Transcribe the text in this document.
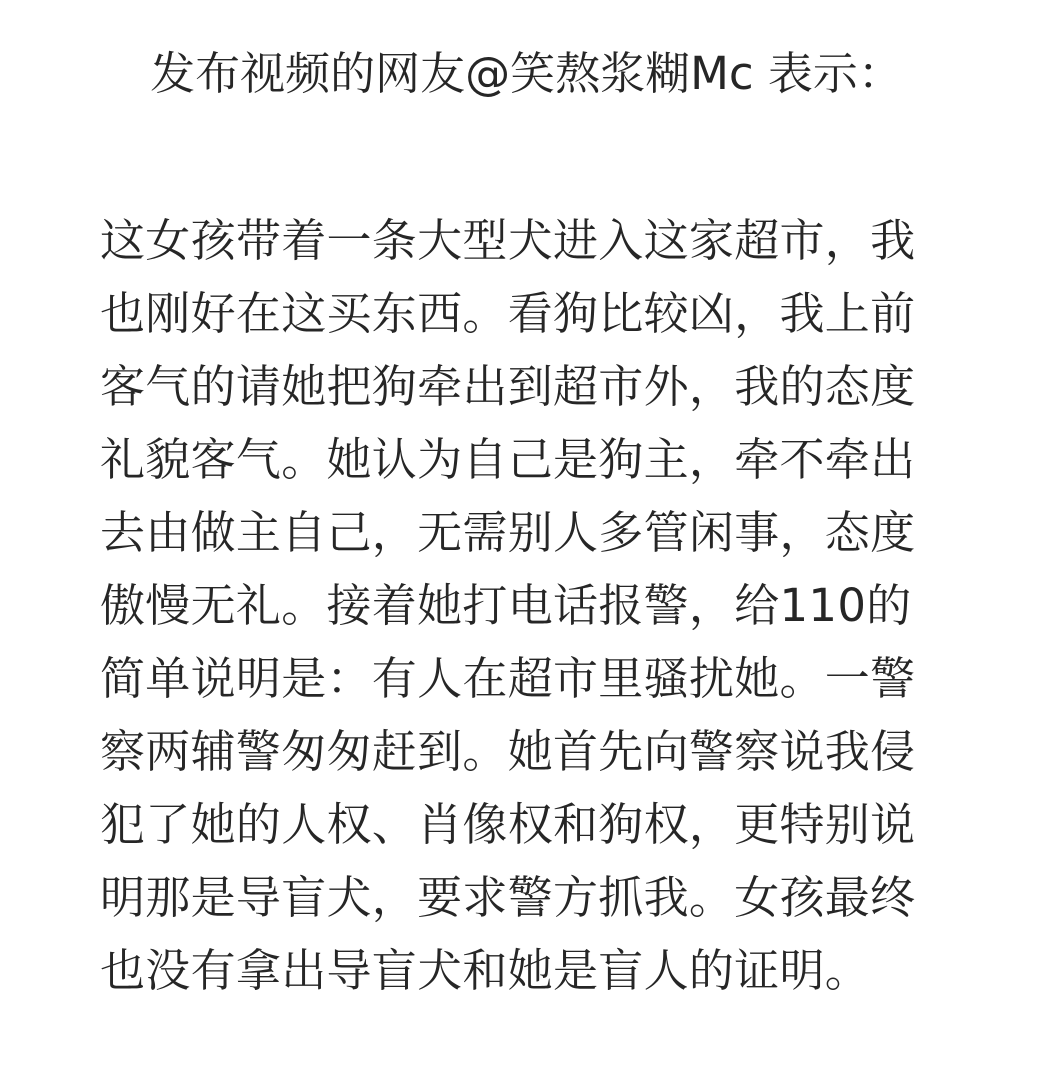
发布视频的网友@笑熬浆糊Mc 表示：
这女孩带着一条大型犬进入这家超市，我
也刚好在这买东西。看狗比较凶，我上前
客气的请她把狗牵出到超市外，我的态度
礼貌客气。她认为自己是狗主，牵不牵出
去由做主自己，无需别人多管闲事，态度
傲慢无礼。接着她打电话报警，给110的
简单说明是：有人在超市里骚扰她。一警
察两辅警匆匆赶到。她首先向警察说我侵
犯了她的人权、肖像权和狗权，更特别说
明那是导盲犬，要求警方抓我。女孩最终
也没有拿出导盲犬和她是盲人的证明。
